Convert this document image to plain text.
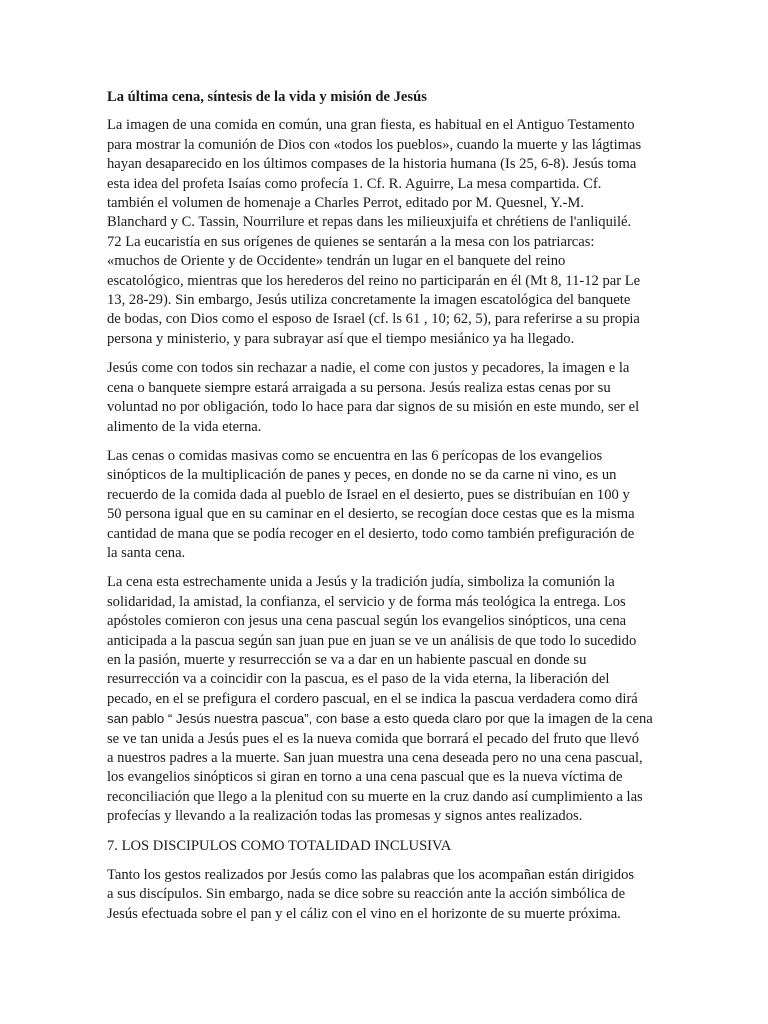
La última cena, síntesis de la vida y misión de Jesús
La imagen de una comida en común, una gran fiesta, es habitual en el Antiguo Testamento
para mostrar la comunión de Dios con «todos los pueblos», cuando la muerte y las lágtimas
hayan desaparecido en los últimos compases de la historia humana (Is 25, 6-8). Jesús toma
esta idea del profeta Isaías como profecía 1. Cf. R. Aguirre, La mesa compartida. Cf.
también el volumen de homenaje a Charles Perrot, editado por M. Quesnel, Y.-M.
Blanchard y C. Tassin, Nourrilure et repas dans les milieuxjuifa et chrétiens de l'anliquilé.
72 La eucaristía en sus orígenes de quienes se sentarán a la mesa con los patriarcas:
«muchos de Oriente y de Occidente» tendrán un lugar en el banquete del reino
escatológico, mientras que los herederos del reino no participarán en él (Mt 8, 11-12 par Le
13, 28-29). Sin embargo, Jesús utiliza concretamente la imagen escatológica del banquete
de bodas, con Dios como el esposo de Israel (cf. ls 61 , 10; 62, 5), para referirse a su propia
persona y ministerio, y para subrayar así que el tiempo mesiánico ya ha llegado.
Jesús come con todos sin rechazar a nadie, el come con justos y pecadores, la imagen e la
cena o banquete siempre estará arraigada a su persona. Jesús realiza estas cenas por su
voluntad no por obligación, todo lo hace para dar signos de su misión en este mundo, ser el
alimento de la vida eterna.
Las cenas o comidas masivas como se encuentra en las 6 perícopas de los evangelios
sinópticos de la multiplicación de panes y peces, en donde no se da carne ni vino, es un
recuerdo de la comida dada al pueblo de Israel en el desierto, pues se distribuían en 100 y
50 persona igual que en su caminar en el desierto, se recogían doce cestas que es la misma
cantidad de mana que se podía recoger en el desierto, todo como también prefiguración de
la santa cena.
La cena esta estrechamente unida a Jesús y la tradición judía, simboliza la comunión la
solidaridad, la amistad, la confianza, el servicio y de forma más teológica la entrega. Los
apóstoles comieron con jesus una cena pascual según los evangelios sinópticos, una cena
anticipada a la pascua según san juan pue en juan se ve un análisis de que todo lo sucedido
en la pasión, muerte y resurrección se va a dar en un habiente pascual en donde su
resurrección va a coincidir con la pascua, es el paso de la vida eterna, la liberación del
pecado, en el se prefigura el cordero pascual, en el se indica la pascua verdadera como dirá
san pablo “ Jesús nuestra pascua”, con base a esto queda claro por que la imagen de la cena
se ve tan unida a Jesús pues el es la nueva comida que borrará el pecado del fruto que llevó
a nuestros padres a la muerte. San juan muestra una cena deseada pero no una cena pascual,
los evangelios sinópticos si giran en torno a una cena pascual que es la nueva víctima de
reconciliación que llego a la plenitud con su muerte en la cruz dando así cumplimiento a las
profecías y llevando a la realización todas las promesas y signos antes realizados.
7. LOS DISCIPULOS COMO TOTALIDAD INCLUSIVA
Tanto los gestos realizados por Jesús como las palabras que los acompañan están dirigidos
a sus discípulos. Sin embargo, nada se dice sobre su reacción ante la acción simbólica de
Jesús efectuada sobre el pan y el cáliz con el vino en el horizonte de su muerte próxima.
